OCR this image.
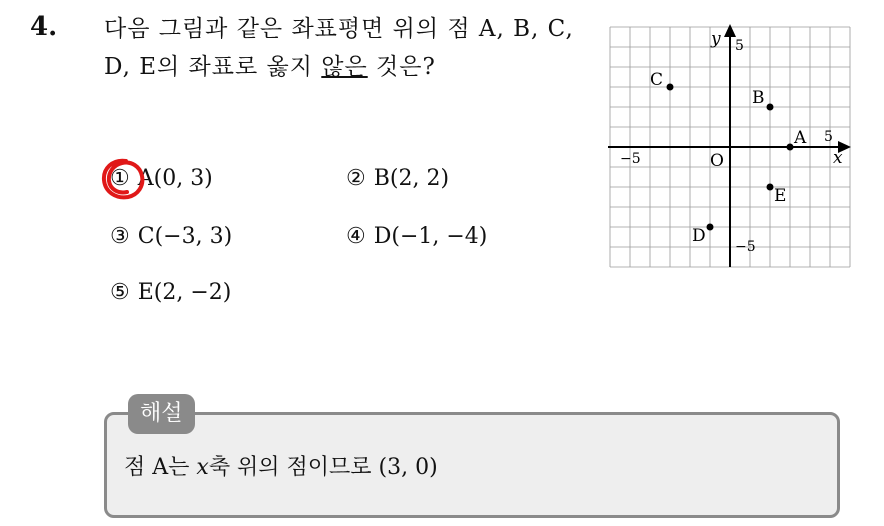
4. 다음 그림과 같은 좌표평면 위의 점 A, B, C, D, E의 좌표로 옳지 않은 것은?
① A(0, 3)	② B(2, 2)
③ C(−3, 3)	④ D(−1, −4)
⑤ E(2, −2)
A
B
C
D
E
x
y
O
−5
5
5
−5
해설
점 A는 x축 위의 점이므로 (3, 0)
